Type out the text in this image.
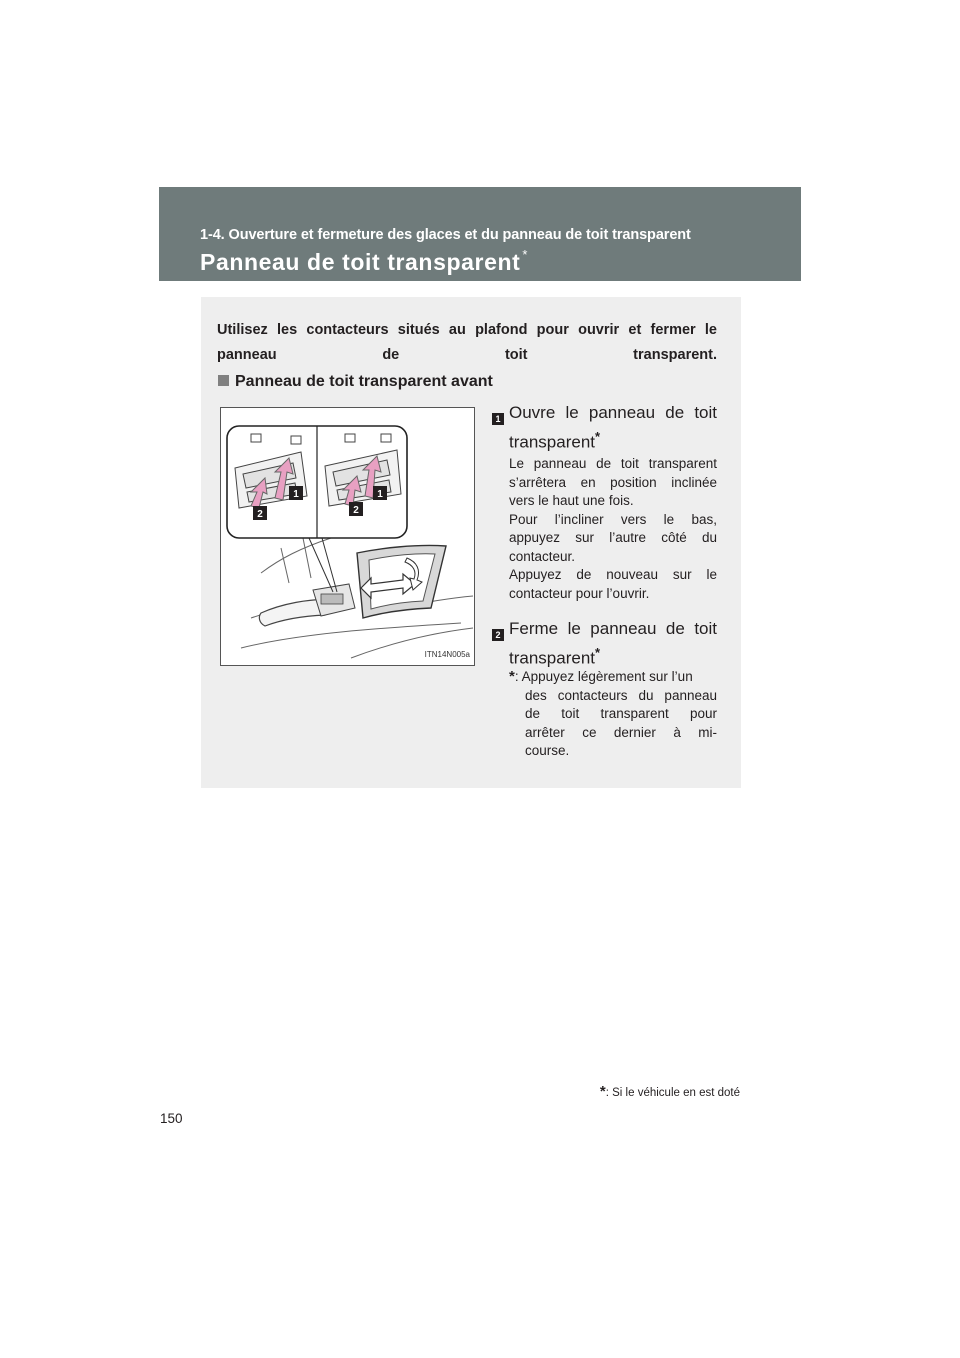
1-4. Ouverture et fermeture des glaces et du panneau de toit transparent
Panneau de toit transparent *
Utilisez les contacteurs situés au plafond pour ouvrir et fermer le panneau de toit transparent.
Panneau de toit transparent avant
1
2
1
2
ITN14N005a
1 Ouvre le panneau de toit transparent*
Le panneau de toit transparent
s’arrêtera en position inclinée
vers le haut une fois.
Pour l’incliner vers le bas,
appuyez sur l’autre côté du
contacteur.
Appuyez de nouveau sur le
contacteur pour l’ouvrir.
2 Ferme le panneau de toit transparent*
*: Appuyez légèrement sur l’un
des contacteurs du panneau
de toit transparent pour
arrêter ce dernier à mi-
course.
*: Si le véhicule en est doté
150
